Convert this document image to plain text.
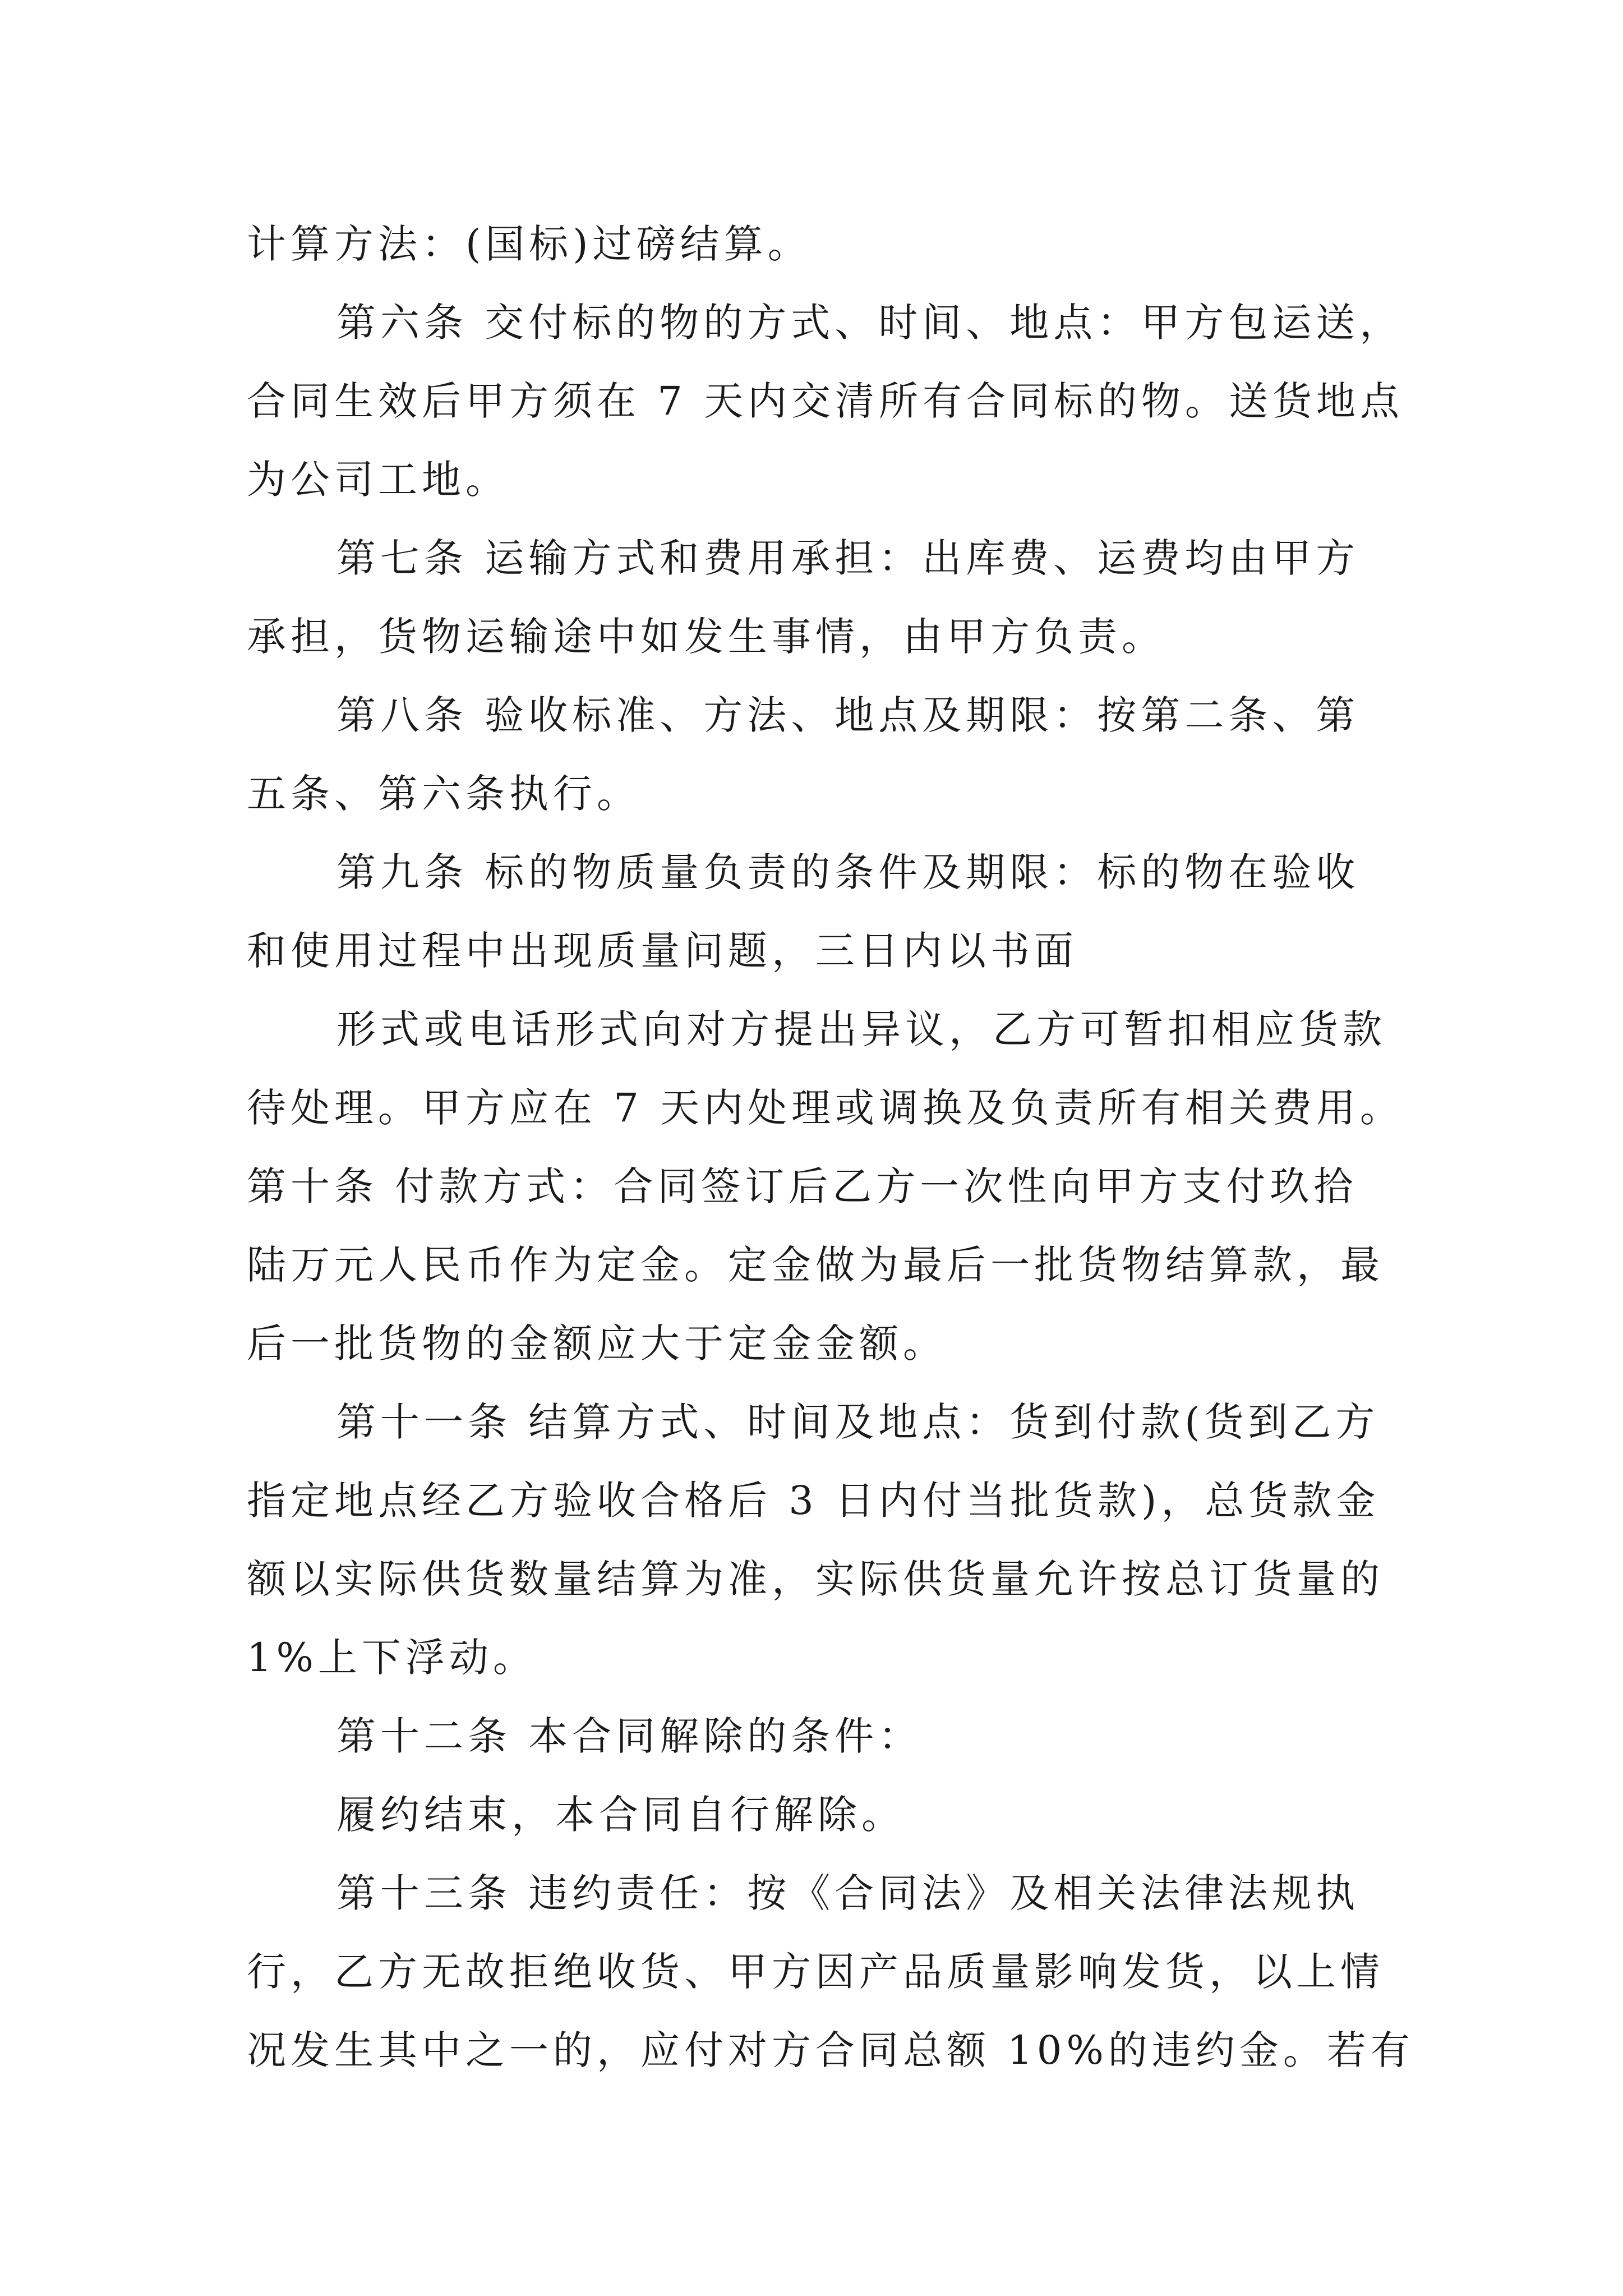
计算方法：(国标)过磅结算。
第六条 交付标的物的方式、时间、地点：甲方包运送，
合同生效后甲方须在 7 天内交清所有合同标的物。送货地点
为公司工地。
第七条 运输方式和费用承担：出库费、运费均由甲方
承担，货物运输途中如发生事情，由甲方负责。
第八条 验收标准、方法、地点及期限：按第二条、第
五条、第六条执行。
第九条 标的物质量负责的条件及期限：标的物在验收
和使用过程中出现质量问题，三日内以书面
形式或电话形式向对方提出异议，乙方可暂扣相应货款
待处理。甲方应在 7 天内处理或调换及负责所有相关费用。
第十条 付款方式：合同签订后乙方一次性向甲方支付玖拾
陆万元人民币作为定金。定金做为最后一批货物结算款，最
后一批货物的金额应大于定金金额。
第十一条 结算方式、时间及地点：货到付款(货到乙方
指定地点经乙方验收合格后 3 日内付当批货款)，总货款金
额以实际供货数量结算为准，实际供货量允许按总订货量的
1%上下浮动。
第十二条 本合同解除的条件：
履约结束，本合同自行解除。
第十三条 违约责任：按《合同法》及相关法律法规执
行，乙方无故拒绝收货、甲方因产品质量影响发货，以上情
况发生其中之一的，应付对方合同总额 10%的违约金。若有
